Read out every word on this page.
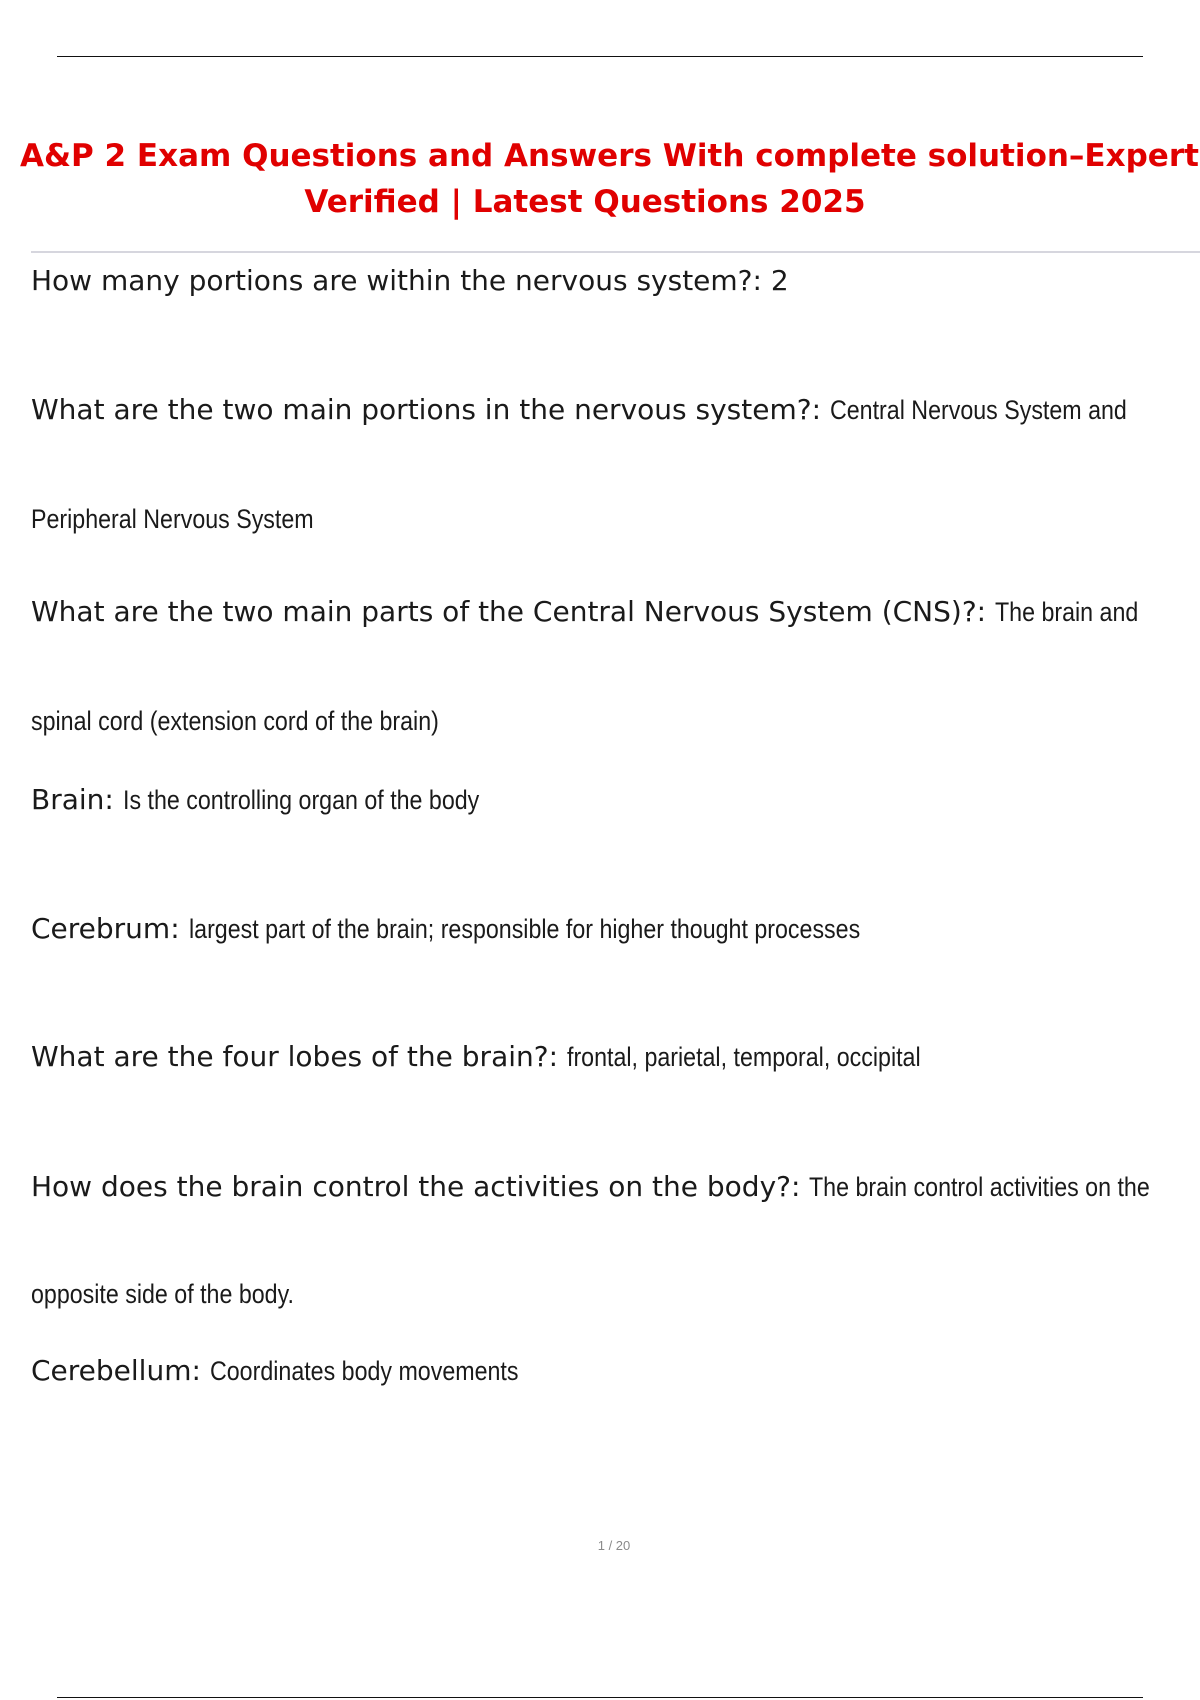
A&P 2 Exam Questions and Answers With complete solution–Expert
Verified | Latest Questions 2025

How many portions are within the nervous system?: 2

What are the two main portions in the nervous system?: Central Nervous System and

Peripheral Nervous System

What are the two main parts of the Central Nervous System (CNS)?: The brain and

spinal cord (extension cord of the brain)

Brain: Is the controlling organ of the body

Cerebrum: largest part of the brain; responsible for higher thought processes

What are the four lobes of the brain?: frontal, parietal, temporal, occipital

How does the brain control the activities on the body?: The brain control activities on the

opposite side of the body.

Cerebellum: Coordinates body movements

1 / 20
